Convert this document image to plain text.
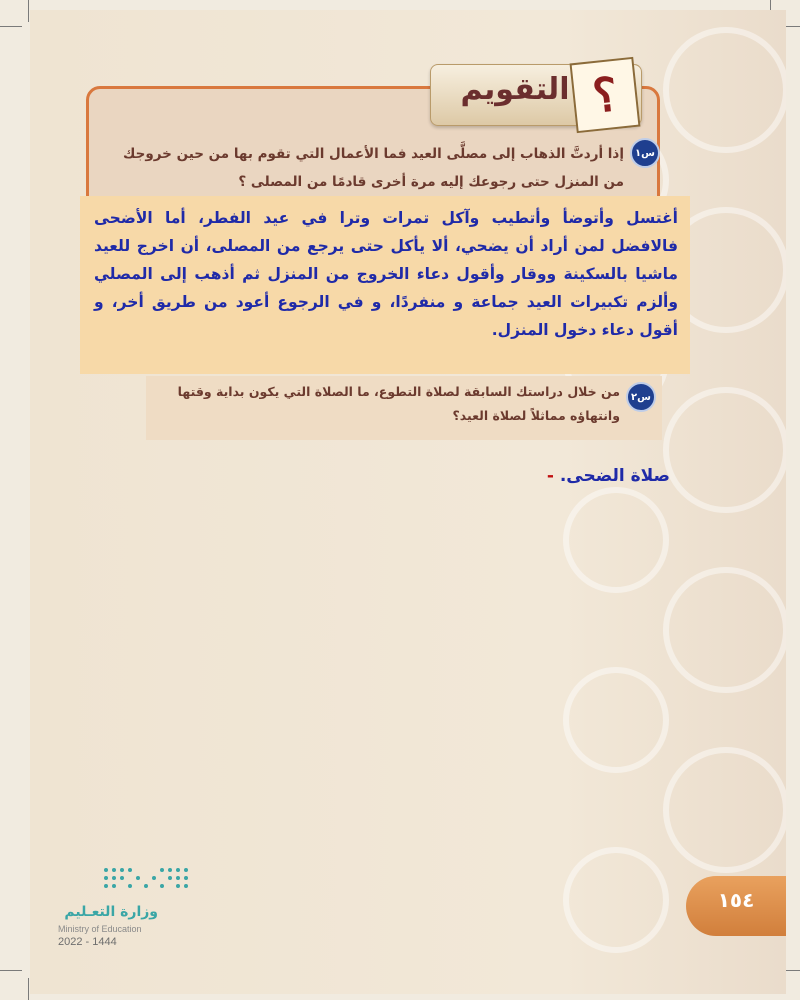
التقويم ؟
س١
إذا أردتَّ الذهاب إلى مصلَّى العيد فما الأعمال التي تقوم بها من حين خروجك من المنزل حتى رجوعك إليه مرة أخرى قادمًا من المصلى ؟
أغتسل وأتوضأ وأتطيب وآكل تمرات وترا في عيد الفطر، أما الأضحى فالافضل لمن أراد أن يضحي، ألا يأكل حتى يرجع من المصلى، أن اخرج للعيد ماشيا بالسكينة ووقار وأقول دعاء الخروج من المنزل ثم أذهب إلى المصلي وألزم تكبيرات العيد جماعة و منفردًا، و في الرجوع أعود من طريق أخر، و أقول دعاء دخول المنزل.
س٢
من خلال دراستك السابقة لصلاة التطوع، ما الصلاة التي يكون بداية وقتها وانتهاؤه مماثلاً لصلاة العيد؟
صلاة الضحى. -
١٥٤
وزارة التعـليم
Ministry of Education
2022 - 1444
